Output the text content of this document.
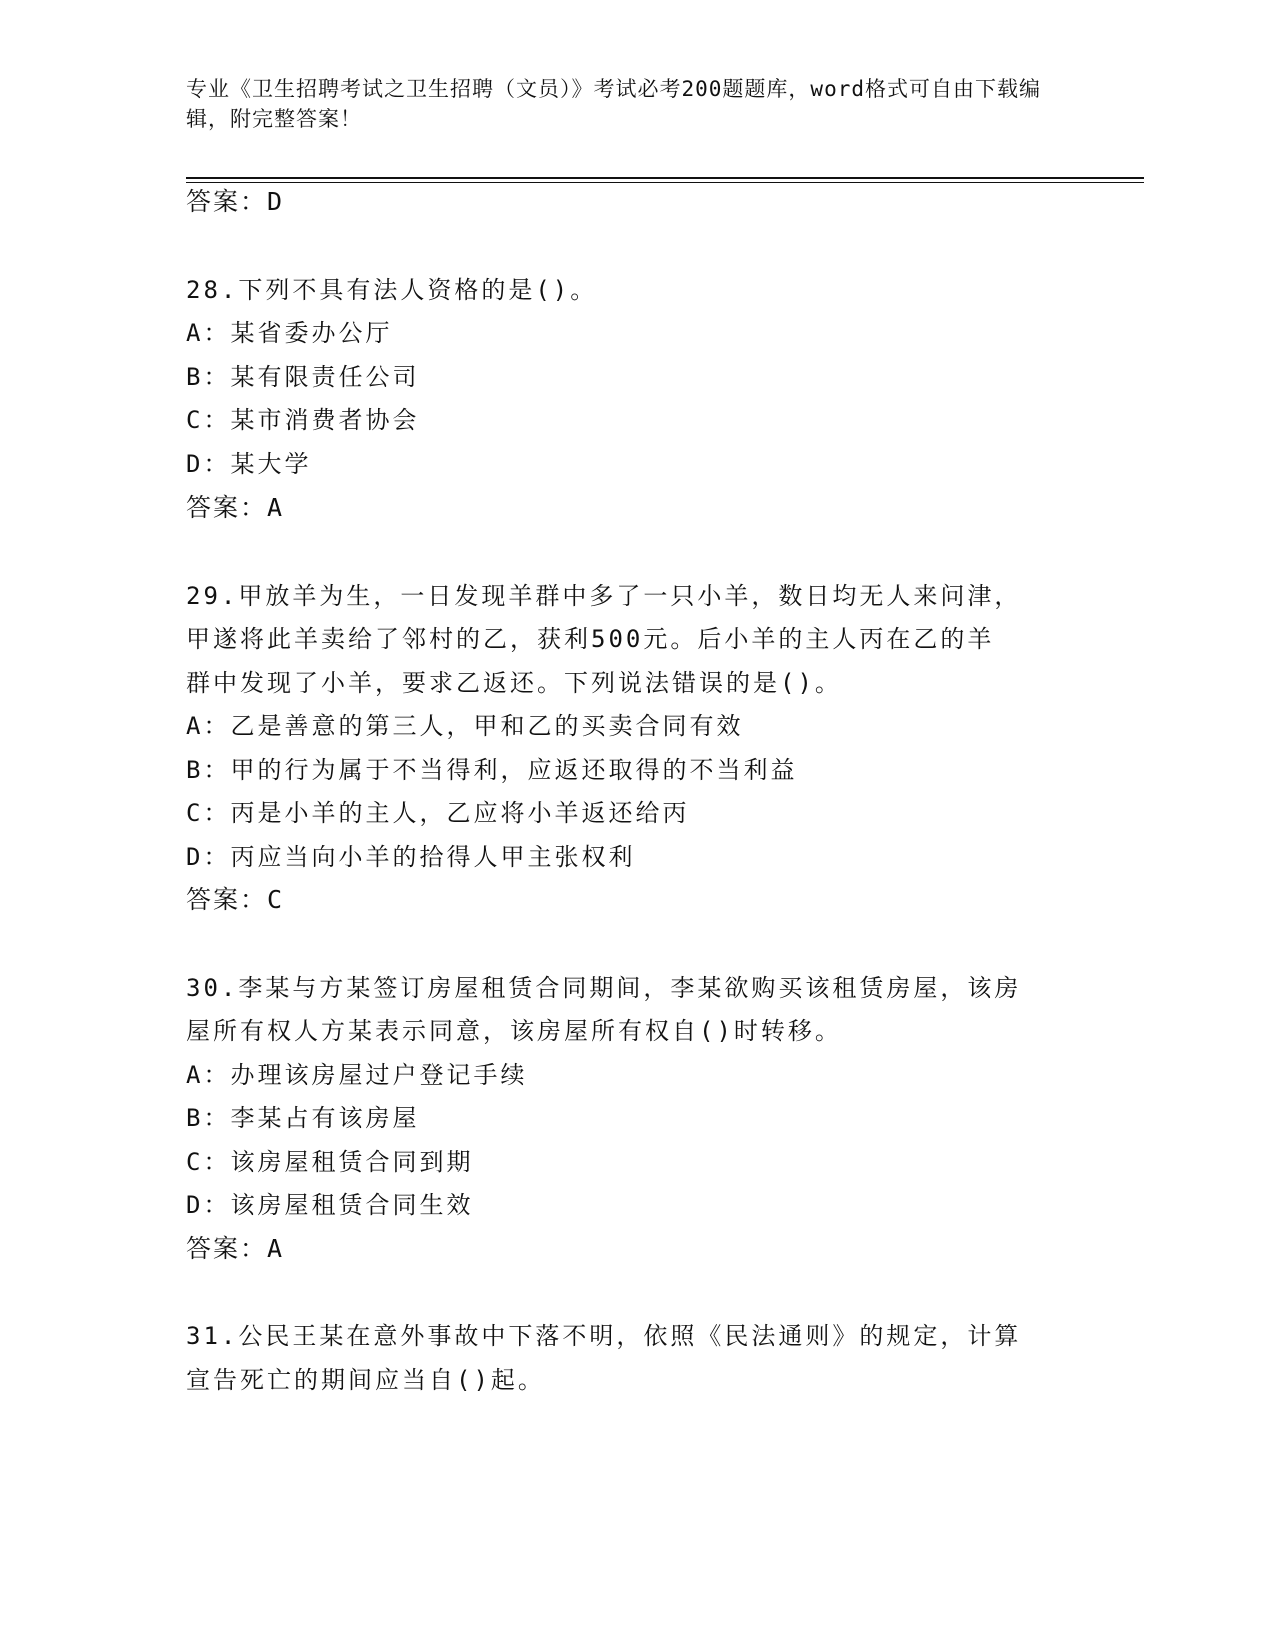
专业《卫生招聘考试之卫生招聘（文员）》考试必考200题题库，word格式可自由下载编辑，附完整答案！
答案：D
28.下列不具有法人资格的是()。
A：某省委办公厅
B：某有限责任公司
C：某市消费者协会
D：某大学
答案：A
29.甲放羊为生，一日发现羊群中多了一只小羊，数日均无人来问津，
甲遂将此羊卖给了邻村的乙，获利500元。后小羊的主人丙在乙的羊
群中发现了小羊，要求乙返还。下列说法错误的是()。
A：乙是善意的第三人，甲和乙的买卖合同有效
B：甲的行为属于不当得利，应返还取得的不当利益
C：丙是小羊的主人，乙应将小羊返还给丙
D：丙应当向小羊的拾得人甲主张权利
答案：C
30.李某与方某签订房屋租赁合同期间，李某欲购买该租赁房屋，该房
屋所有权人方某表示同意，该房屋所有权自()时转移。
A：办理该房屋过户登记手续
B：李某占有该房屋
C：该房屋租赁合同到期
D：该房屋租赁合同生效
答案：A
31.公民王某在意外事故中下落不明，依照《民法通则》的规定，计算
宣告死亡的期间应当自()起。
